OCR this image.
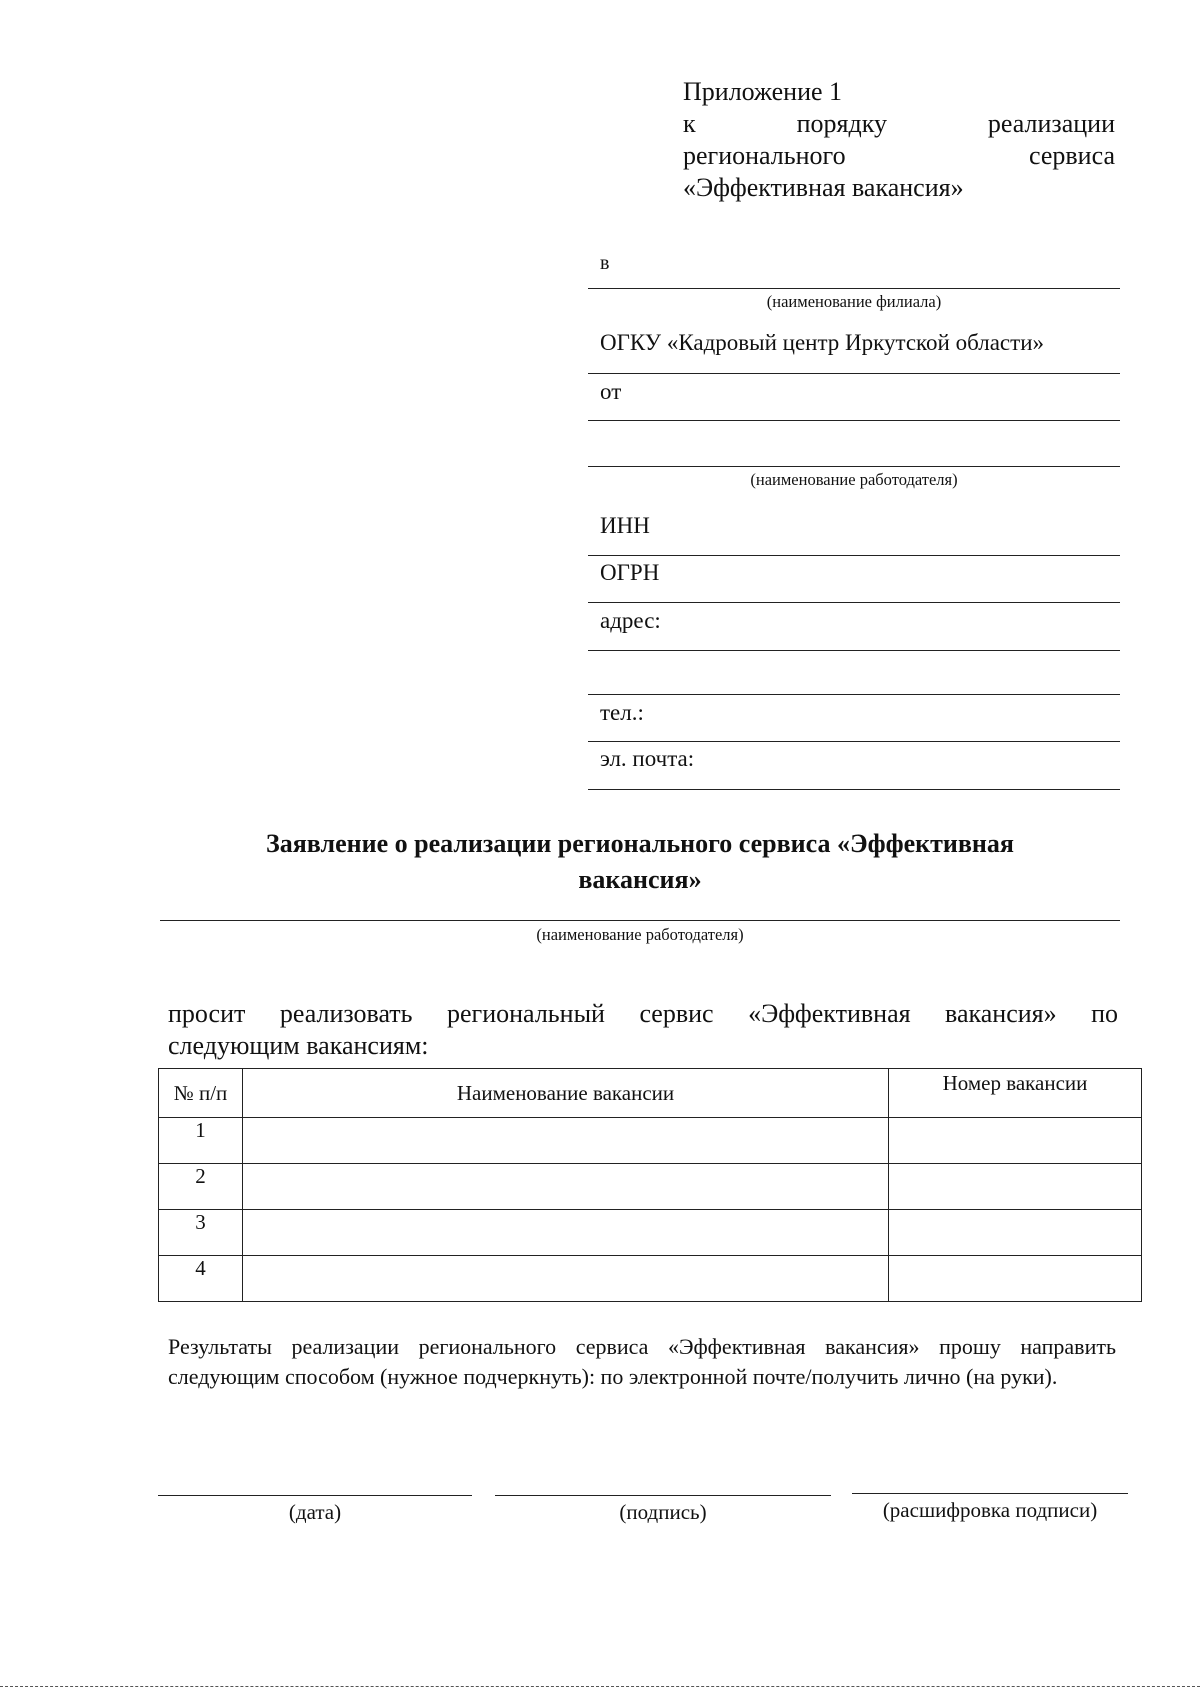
Приложение 1
к	порядку	реализации
регионального	сервиса
«Эффективная вакансия»
в
(наименование филиала)
ОГКУ «Кадровый центр Иркутской области»
от
(наименование работодателя)
ИНН
ОГРН
адрес:
тел.:
эл. почта:
Заявление о реализации регионального сервиса «Эффективная
вакансия»
(наименование работодателя)
просит реализовать региональный сервис «Эффективная вакансия» по
следующим вакансиям:
№ п/п	Наименование вакансии	Номер вакансии
1		
2		
3		
4		
Результаты реализации регионального сервиса «Эффективная вакансия» прошу направить следующим способом (нужное подчеркнуть): по электронной почте/получить лично (на руки).
(дата)	(подпись)	(расшифровка подписи)
